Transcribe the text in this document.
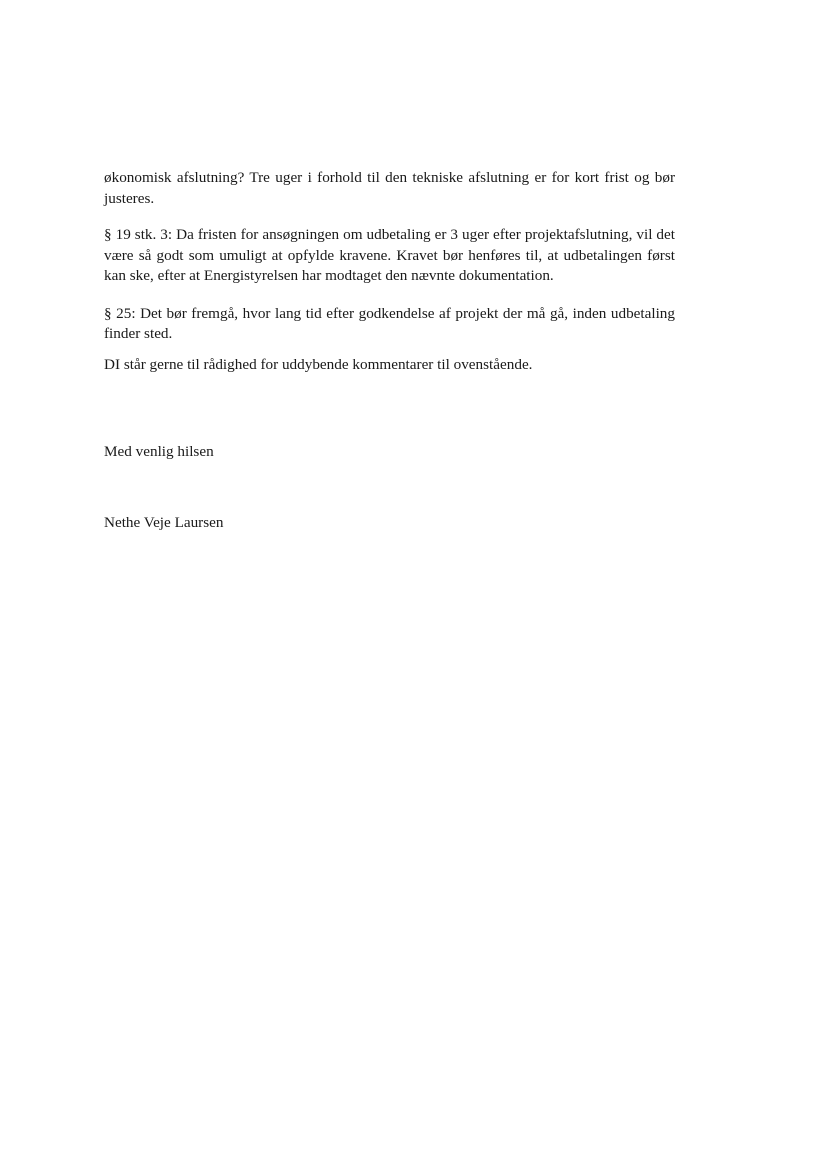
økonomisk afslutning? Tre uger i forhold til den tekniske afslutning er for kort frist og bør justeres.

§ 19 stk. 3: Da fristen for ansøgningen om udbetaling er 3 uger efter projektafslutning, vil det være så godt som umuligt at opfylde kravene. Kravet bør henføres til, at udbetalingen først kan ske, efter at Energistyrelsen har modtaget den nævnte dokumentation.

§ 25: Det bør fremgå, hvor lang tid efter godkendelse af projekt der må gå, inden udbetaling finder sted.

DI står gerne til rådighed for uddybende kommentarer til ovenstående.

Med venlig hilsen

Nethe Veje Laursen
